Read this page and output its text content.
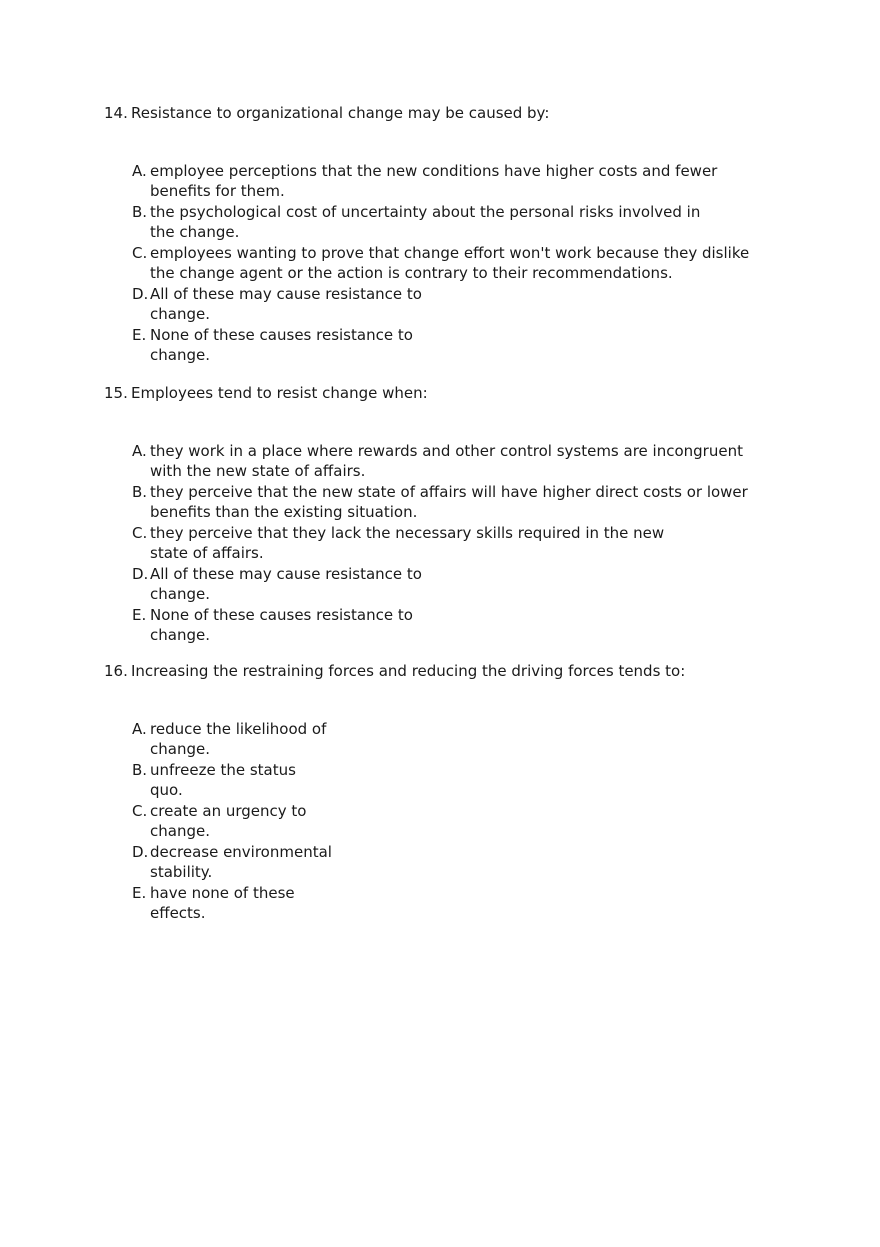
14. Resistance to organizational change may be caused by:
A. employee perceptions that the new conditions have higher costs and fewer
benefits for them.
B. the psychological cost of uncertainty about the personal risks involved in
the change.
C. employees wanting to prove that change effort won't work because they dislike
the change agent or the action is contrary to their recommendations.
D. All of these may cause resistance to
change.
E. None of these causes resistance to
change.
15. Employees tend to resist change when:
A. they work in a place where rewards and other control systems are incongruent
with the new state of affairs.
B. they perceive that the new state of affairs will have higher direct costs or lower
benefits than the existing situation.
C. they perceive that they lack the necessary skills required in the new
state of affairs.
D. All of these may cause resistance to
change.
E. None of these causes resistance to
change.
16. Increasing the restraining forces and reducing the driving forces tends to:
A. reduce the likelihood of
change.
B. unfreeze the status
quo.
C. create an urgency to
change.
D. decrease environmental
stability.
E. have none of these
effects.
